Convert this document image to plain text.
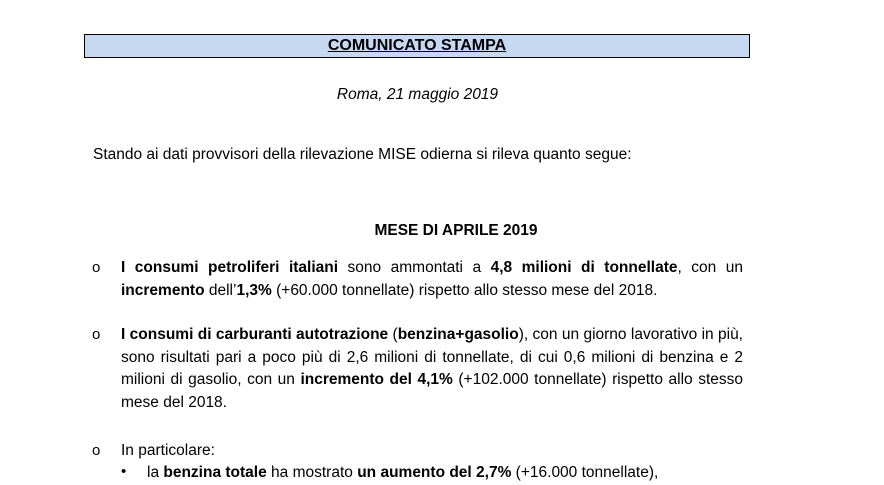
COMUNICATO STAMPA
Roma, 21 maggio 2019
Stando ai dati provvisori della rilevazione MISE odierna si rileva quanto segue:
MESE DI APRILE 2019
o I consumi petroliferi italiani sono ammontati a 4,8 milioni di tonnellate, con un incremento dell’1,3% (+60.000 tonnellate) rispetto allo stesso mese del 2018.
o I consumi di carburanti autotrazione (benzina+gasolio), con un giorno lavorativo in più, sono risultati pari a poco più di 2,6 milioni di tonnellate, di cui 0,6 milioni di benzina e 2 milioni di gasolio, con un incremento del 4,1% (+102.000 tonnellate) rispetto allo stesso mese del 2018.
o In particolare:
• la benzina totale ha mostrato un aumento del 2,7% (+16.000 tonnellate),
